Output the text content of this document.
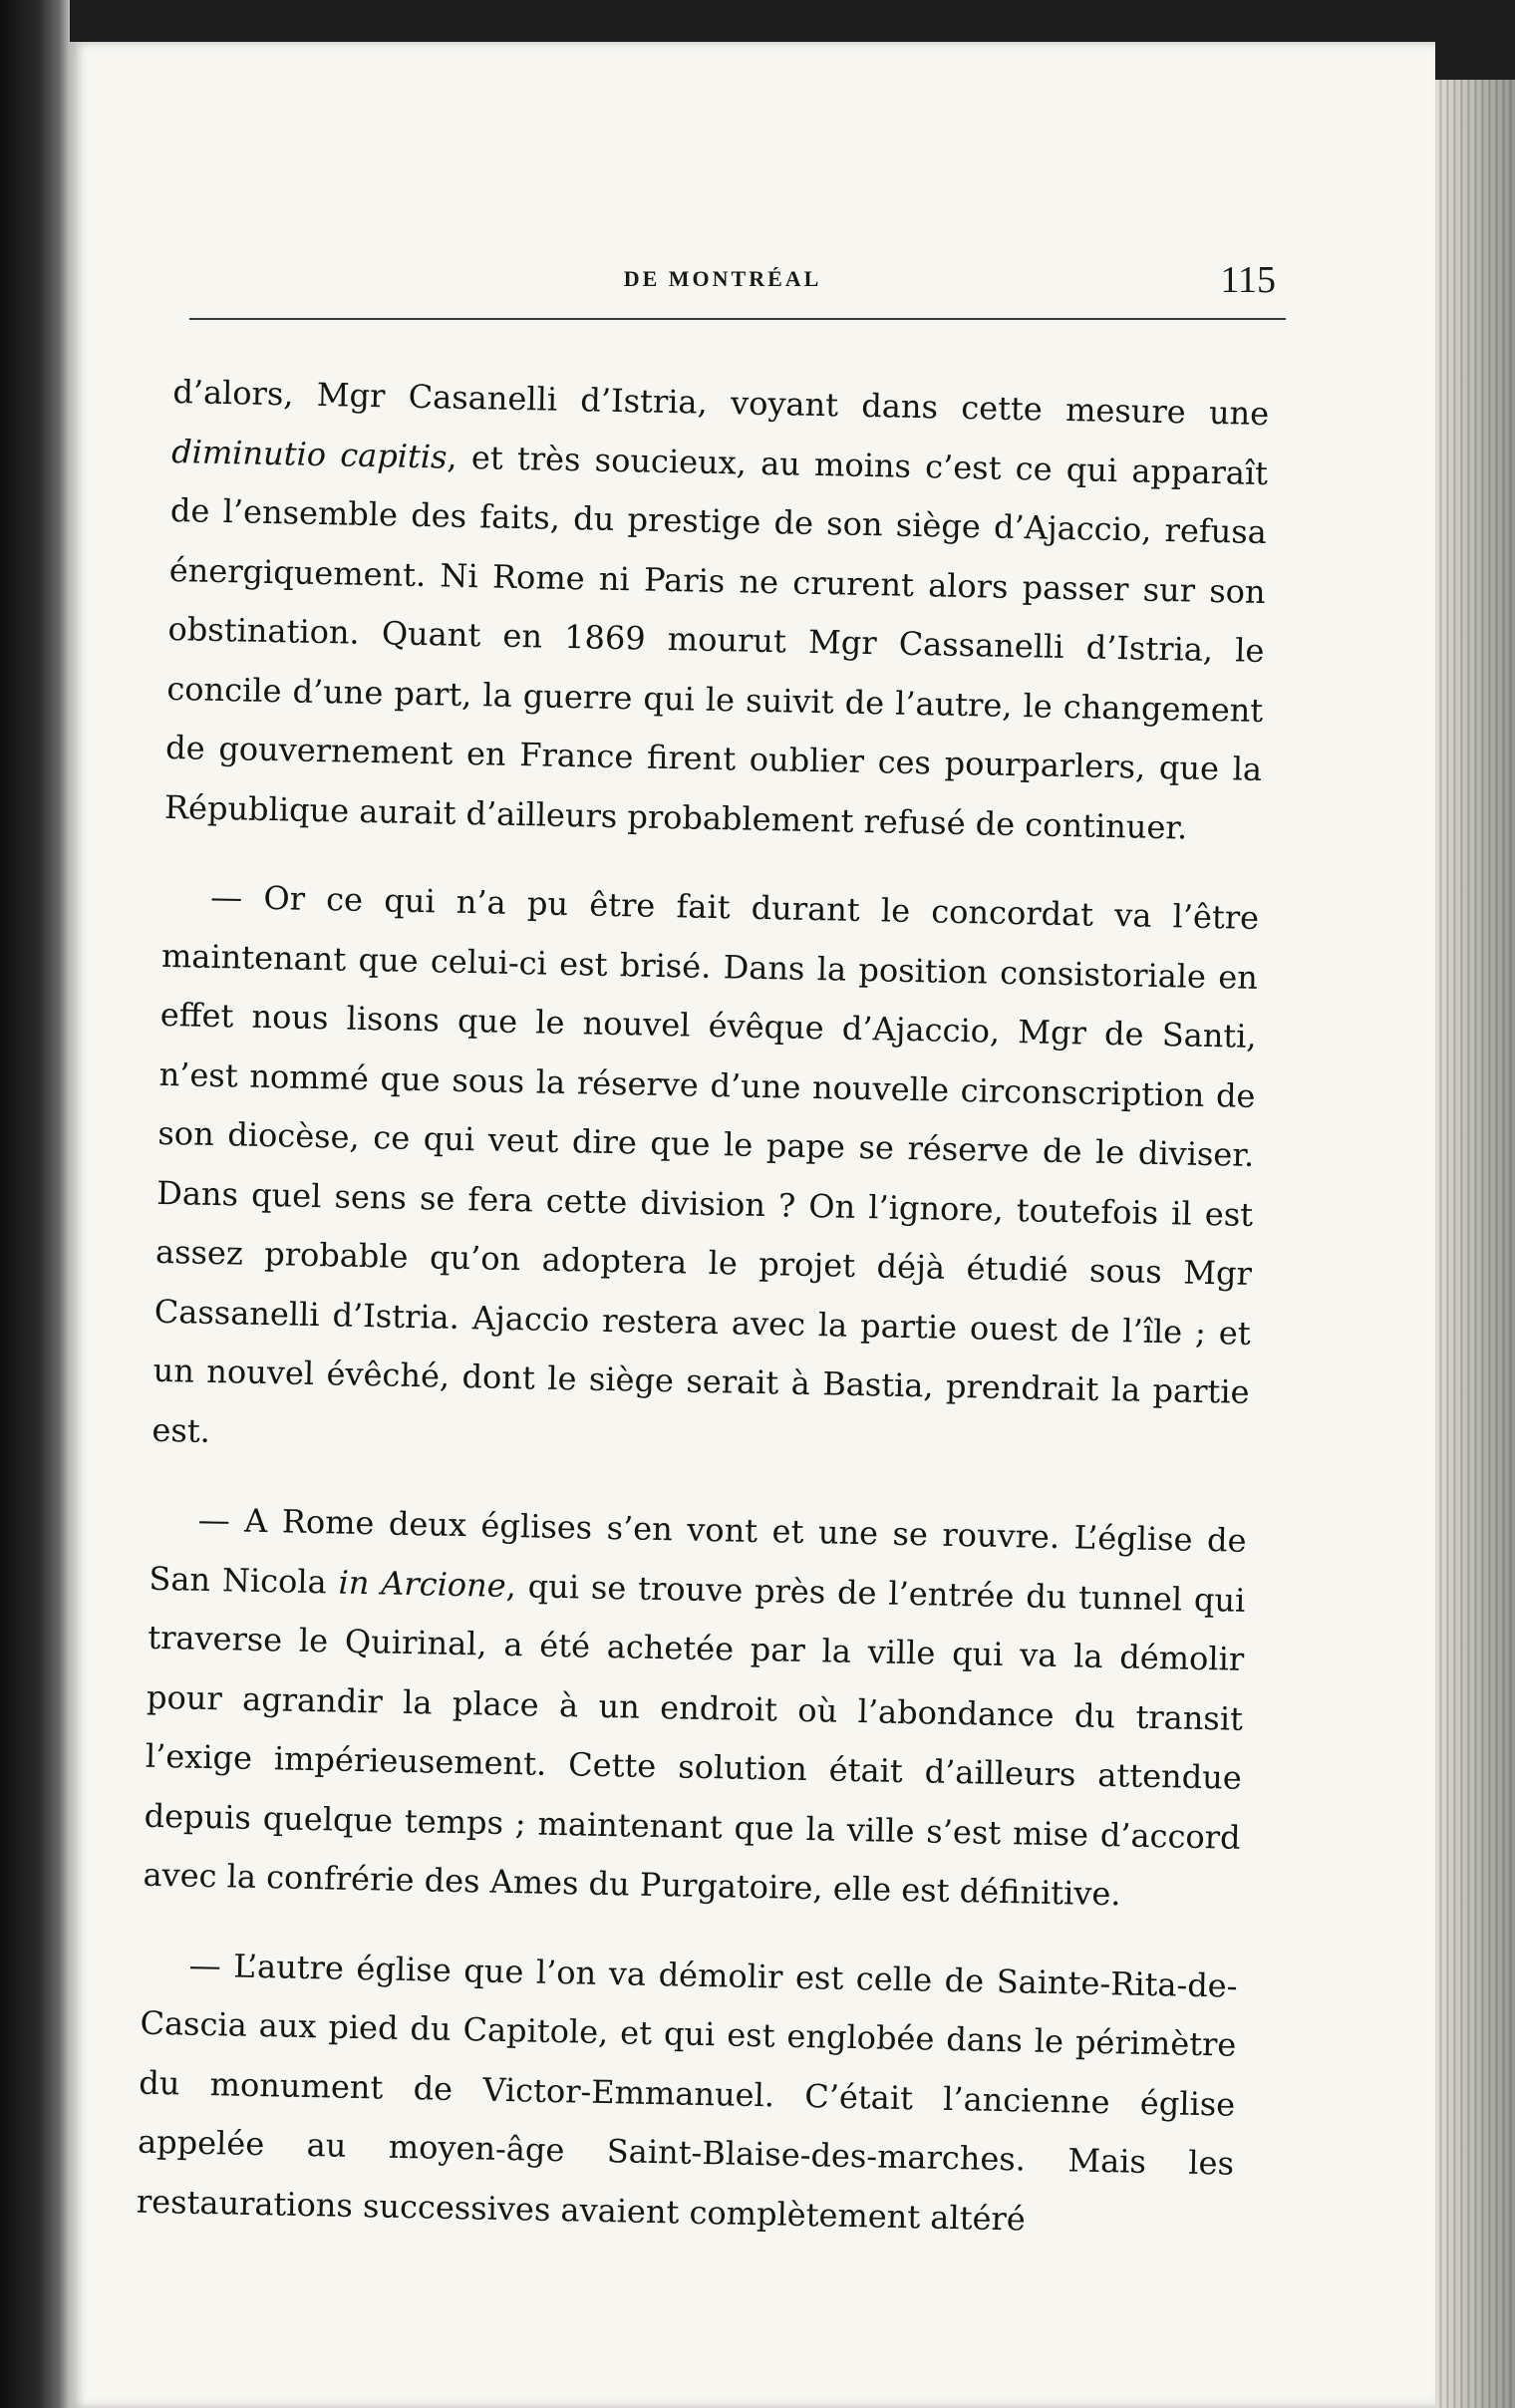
DE MONTRÉAL	115

d’alors, Mgr Casanelli d’Istria, voyant dans cette mesure une diminutio capitis, et très soucieux, au moins c’est ce qui apparaît de l’ensemble des faits, du prestige de son siège d’Ajaccio, refusa énergiquement. Ni Rome ni Paris ne crurent alors passer sur son obstination. Quant en 1869 mourut Mgr Cassanelli d’Istria, le concile d’une part, la guerre qui le suivit de l’autre, le changement de gouvernement en France firent oublier ces pourparlers, que la République aurait d’ailleurs probablement refusé de continuer.

— Or ce qui n’a pu être fait durant le concordat va l’être maintenant que celui-ci est brisé. Dans la position consistoriale en effet nous lisons que le nouvel évêque d’Ajaccio, Mgr de Santi, n’est nommé que sous la réserve d’une nouvelle circonscription de son diocèse, ce qui veut dire que le pape se réserve de le diviser. Dans quel sens se fera cette division ? On l’ignore, toutefois il est assez probable qu’on adoptera le projet déjà étudié sous Mgr Cassanelli d’Istria. Ajaccio restera avec la partie ouest de l’île ; et un nouvel évêché, dont le siège serait à Bastia, prendrait la partie est.

— A Rome deux églises s’en vont et une se rouvre. L’église de San Nicola in Arcione, qui se trouve près de l’entrée du tunnel qui traverse le Quirinal, a été achetée par la ville qui va la démolir pour agrandir la place à un endroit où l’abondance du transit l’exige impérieusement. Cette solution était d’ailleurs attendue depuis quelque temps ; maintenant que la ville s’est mise d’accord avec la confrérie des Ames du Purgatoire, elle est définitive.

— L’autre église que l’on va démolir est celle de Sainte-Rita-de-Cascia aux pied du Capitole, et qui est englobée dans le périmètre du monument de Victor-Emmanuel. C’était l’ancienne église appelée au moyen-âge Saint-Blaise-des-marches. Mais les restaurations successives avaient complètement altéré
